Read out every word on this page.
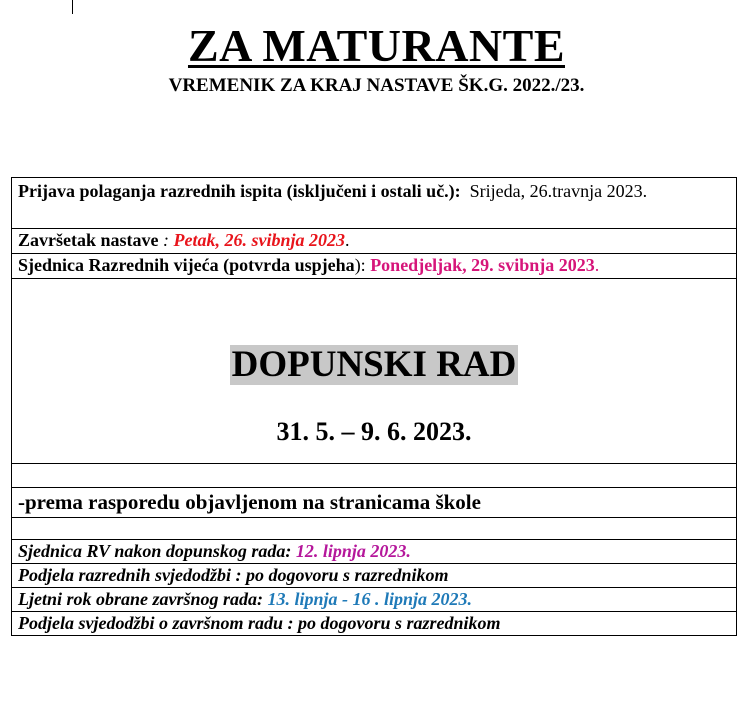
ZA MATURANTE
VREMENIK ZA KRAJ NASTAVE ŠK.G. 2022./23.
Prijava polaganja razrednih ispita (isključeni i ostali uč.): Srijeda, 26.travnja 2023.
Završetak nastave : Petak, 26. svibnja 2023.
Sjednica Razrednih vijeća (potvrda uspjeha): Ponedjeljak, 29. svibnja 2023.
DOPUNSKI RAD
31. 5. – 9. 6. 2023.

-prema rasporedu objavljenom na stranicama škole

Sjednica RV nakon dopunskog rada: 12. lipnja 2023.
Podjela razrednih svjedodžbi : po dogovoru s razrednikom
Ljetni rok obrane završnog rada: 13. lipnja - 16 . lipnja 2023.
Podjela svjedodžbi o završnom radu : po dogovoru s razrednikom
